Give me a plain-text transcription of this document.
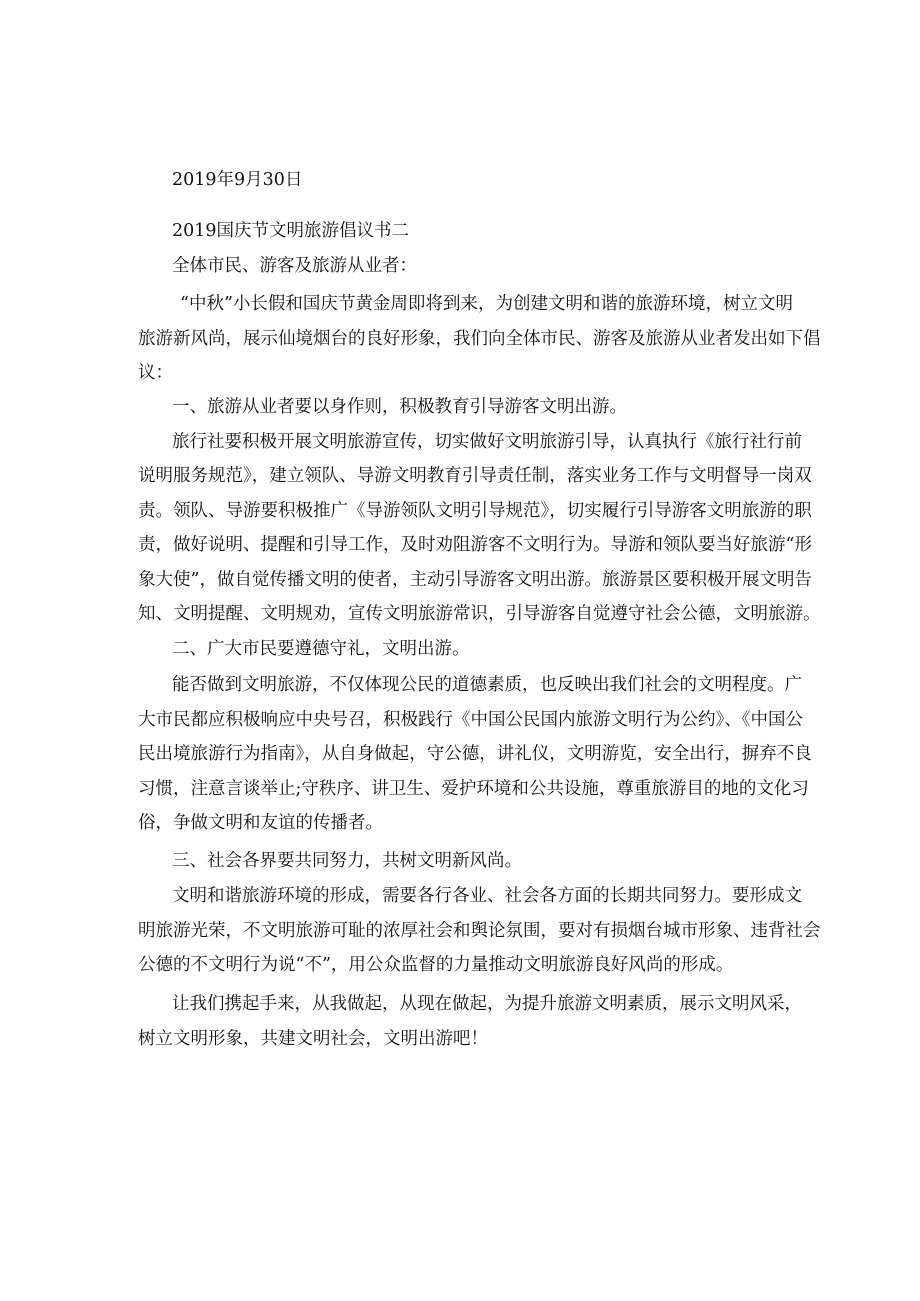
2019年9月30日
2019国庆节文明旅游倡议书二
全体市民、游客及旅游从业者：
“中秋”小长假和国庆节黄金周即将到来，为创建文明和谐的旅游环境，树立文明
旅游新风尚，展示仙境烟台的良好形象，我们向全体市民、游客及旅游从业者发出如下倡
议：
一、旅游从业者要以身作则，积极教育引导游客文明出游。
旅行社要积极开展文明旅游宣传，切实做好文明旅游引导，认真执行《旅行社行前
说明服务规范》，建立领队、导游文明教育引导责任制，落实业务工作与文明督导一岗双
责。领队、导游要积极推广《导游领队文明引导规范》，切实履行引导游客文明旅游的职
责，做好说明、提醒和引导工作，及时劝阻游客不文明行为。导游和领队要当好旅游“形
象大使”，做自觉传播文明的使者，主动引导游客文明出游。旅游景区要积极开展文明告
知、文明提醒、文明规劝，宣传文明旅游常识，引导游客自觉遵守社会公德，文明旅游。
二、广大市民要遵德守礼，文明出游。
能否做到文明旅游，不仅体现公民的道德素质，也反映出我们社会的文明程度。广
大市民都应积极响应中央号召，积极践行《中国公民国内旅游文明行为公约》、《中国公
民出境旅游行为指南》，从自身做起，守公德，讲礼仪，文明游览，安全出行，摒弃不良
习惯，注意言谈举止;守秩序、讲卫生、爱护环境和公共设施，尊重旅游目的地的文化习
俗，争做文明和友谊的传播者。
三、社会各界要共同努力，共树文明新风尚。
文明和谐旅游环境的形成，需要各行各业、社会各方面的长期共同努力。要形成文
明旅游光荣，不文明旅游可耻的浓厚社会和舆论氛围，要对有损烟台城市形象、违背社会
公德的不文明行为说“不”，用公众监督的力量推动文明旅游良好风尚的形成。
让我们携起手来，从我做起，从现在做起，为提升旅游文明素质，展示文明风采，
树立文明形象，共建文明社会，文明出游吧！
